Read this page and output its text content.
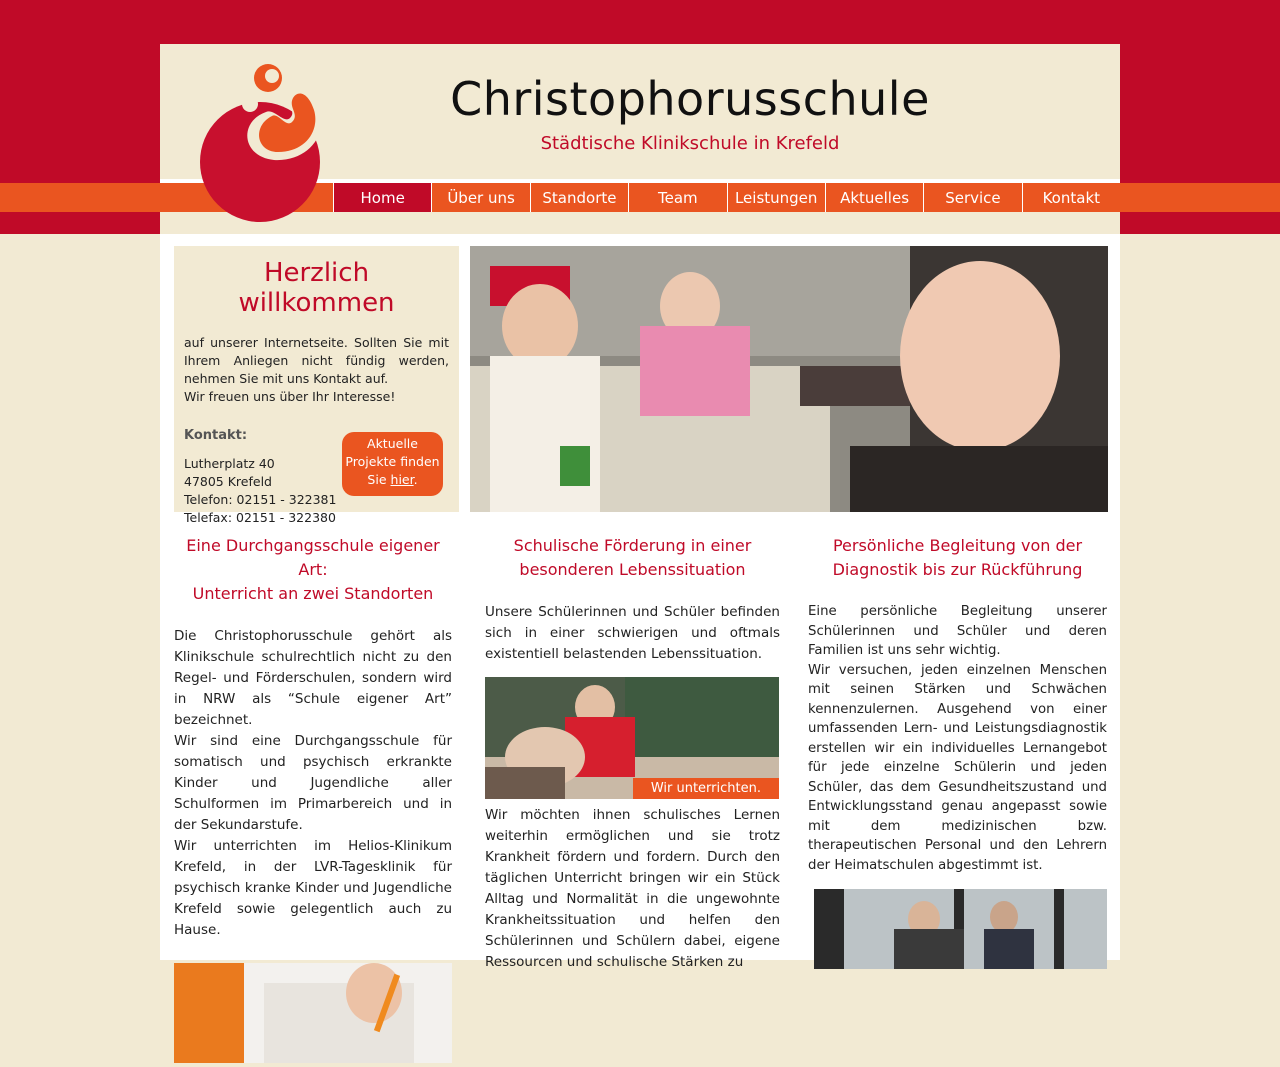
Christophorusschule
Städtische Klinikschule in Krefeld
Home	Über uns	Standorte	Team	Leistungen	Aktuelles	Service	Kontakt
Herzlich willkommen

auf unserer Internetseite. Sollten Sie mit Ihrem Anliegen nicht fündig werden, nehmen Sie mit uns Kontakt auf.

Wir freuen uns über Ihr Interesse!

Kontakt:
Lutherplatz 40
47805 Krefeld
Telefon: 02151 - 322381
Telefax: 02151 - 322380
Aktuelle Projekte finden Sie hier.
Eine Durchgangsschule eigener Art:
Unterricht an zwei Standorten

Die Christophorusschule gehört als Klinikschule schulrechtlich nicht zu den Regel- und Förderschulen, sondern wird in NRW als “Schule eigener Art” bezeichnet.

Wir sind eine Durchgangsschule für somatisch und psychisch erkrankte Kinder und Jugendliche aller Schulformen im Primarbereich und in der Sekundarstufe.

Wir unterrichten im Helios-Klinikum Krefeld, in der LVR-Tagesklinik für psychisch kranke Kinder und Jugendliche Krefeld sowie gelegentlich auch zu Hause.

Schulische Förderung in einer
besonderen Lebenssituation

Unsere Schülerinnen und Schüler befinden sich in einer schwierigen und oftmals existentiell belastenden Lebenssituation.

Wir unterrichten.

Wir möchten ihnen schulisches Lernen weiterhin ermöglichen und sie trotz Krankheit fördern und fordern. Durch den täglichen Unterricht bringen wir ein Stück Alltag und Normalität in die ungewohnte Krankheitssituation und helfen den Schülerinnen und Schülern dabei, eigene Ressourcen und schulische Stärken zu

Persönliche Begleitung von der
Diagnostik bis zur Rückführung

Eine persönliche Begleitung unserer Schülerinnen und Schüler und deren Familien ist uns sehr wichtig.

Wir versuchen, jeden einzelnen Menschen mit seinen Stärken und Schwächen kennenzulernen. Ausgehend von einer umfassenden Lern- und Leistungsdiagnostik erstellen wir ein individuelles Lernangebot für jede einzelne Schülerin und jeden Schüler, das dem Gesundheitszustand und Entwicklungsstand genau angepasst sowie mit dem medizinischen bzw. therapeutischen Personal und den Lehrern der Heimatschulen abgestimmt ist.
